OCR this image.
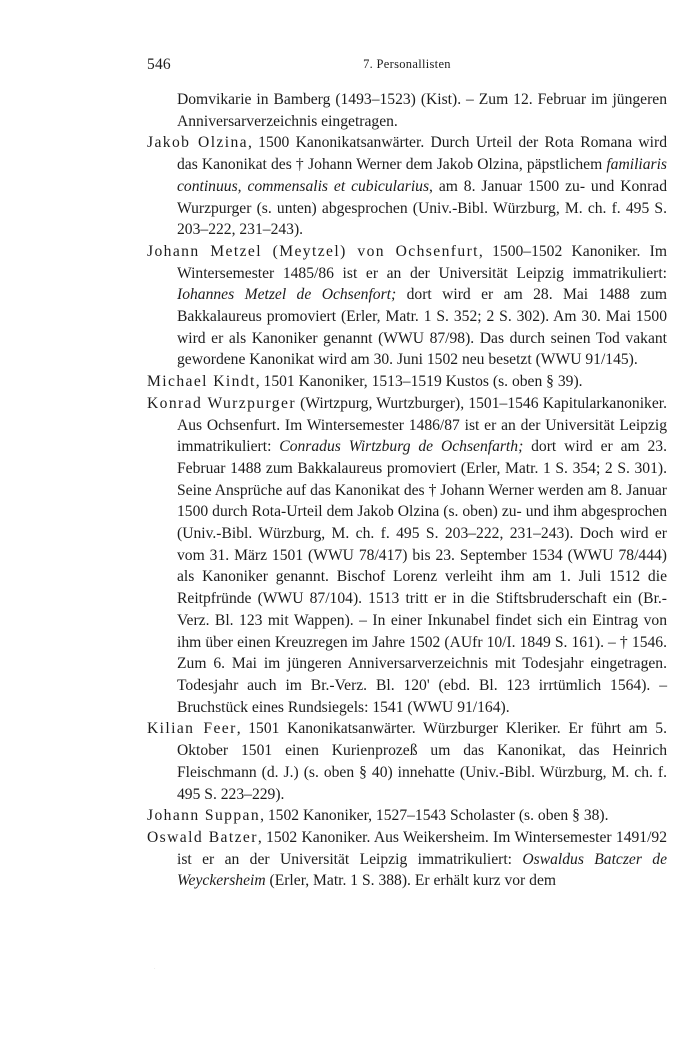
546	7. Personallisten

Domvikarie in Bamberg (1493–1523) (Kist). – Zum 12. Februar im jüngeren Anniversarverzeichnis eingetragen.

Jakob Olzina, 1500 Kanonikatsanwärter. Durch Urteil der Rota Romana wird das Kanonikat des † Johann Werner dem Jakob Olzina, päpstlichem familiaris continuus, commensalis et cubicularius, am 8. Januar 1500 zu- und Konrad Wurzpurger (s. unten) abgesprochen (Univ.-Bibl. Würzburg, M. ch. f. 495 S. 203–222, 231–243).

Johann Metzel (Meytzel) von Ochsenfurt, 1500–1502 Kanoniker. Im Wintersemester 1485/86 ist er an der Universität Leipzig immatrikuliert: Iohannes Metzel de Ochsenfort; dort wird er am 28. Mai 1488 zum Bakkalaureus promoviert (Erler, Matr. 1 S. 352; 2 S. 302). Am 30. Mai 1500 wird er als Kanoniker genannt (WWU 87/98). Das durch seinen Tod vakant gewordene Kanonikat wird am 30. Juni 1502 neu besetzt (WWU 91/145).

Michael Kindt, 1501 Kanoniker, 1513–1519 Kustos (s. oben § 39).

Konrad Wurzpurger (Wirtzpurg, Wurtzburger), 1501–1546 Kapitularkanoniker. Aus Ochsenfurt. Im Wintersemester 1486/87 ist er an der Universität Leipzig immatrikuliert: Conradus Wirtzburg de Ochsenfarth; dort wird er am 23. Februar 1488 zum Bakkalaureus promoviert (Erler, Matr. 1 S. 354; 2 S. 301). Seine Ansprüche auf das Kanonikat des † Johann Werner werden am 8. Januar 1500 durch Rota-Urteil dem Jakob Olzina (s. oben) zu- und ihm abgesprochen (Univ.-Bibl. Würzburg, M. ch. f. 495 S. 203–222, 231–243). Doch wird er vom 31. März 1501 (WWU 78/417) bis 23. September 1534 (WWU 78/444) als Kanoniker genannt. Bischof Lorenz verleiht ihm am 1. Juli 1512 die Reitpfründe (WWU 87/104). 1513 tritt er in die Stiftsbruderschaft ein (Br.-Verz. Bl. 123 mit Wappen). – In einer Inkunabel findet sich ein Eintrag von ihm über einen Kreuzregen im Jahre 1502 (AUfr 10/I. 1849 S. 161). – † 1546. Zum 6. Mai im jüngeren Anniversarverzeichnis mit Todesjahr eingetragen. Todesjahr auch im Br.-Verz. Bl. 120' (ebd. Bl. 123 irrtümlich 1564). – Bruchstück eines Rundsiegels: 1541 (WWU 91/164).

Kilian Feer, 1501 Kanonikatsanwärter. Würzburger Kleriker. Er führt am 5. Oktober 1501 einen Kurienprozeß um das Kanonikat, das Heinrich Fleischmann (d. J.) (s. oben § 40) innehatte (Univ.-Bibl. Würzburg, M. ch. f. 495 S. 223–229).

Johann Suppan, 1502 Kanoniker, 1527–1543 Scholaster (s. oben § 38).

Oswald Batzer, 1502 Kanoniker. Aus Weikersheim. Im Wintersemester 1491/92 ist er an der Universität Leipzig immatrikuliert: Oswaldus Batczer de Weyckersheim (Erler, Matr. 1 S. 388). Er erhält kurz vor dem

.
